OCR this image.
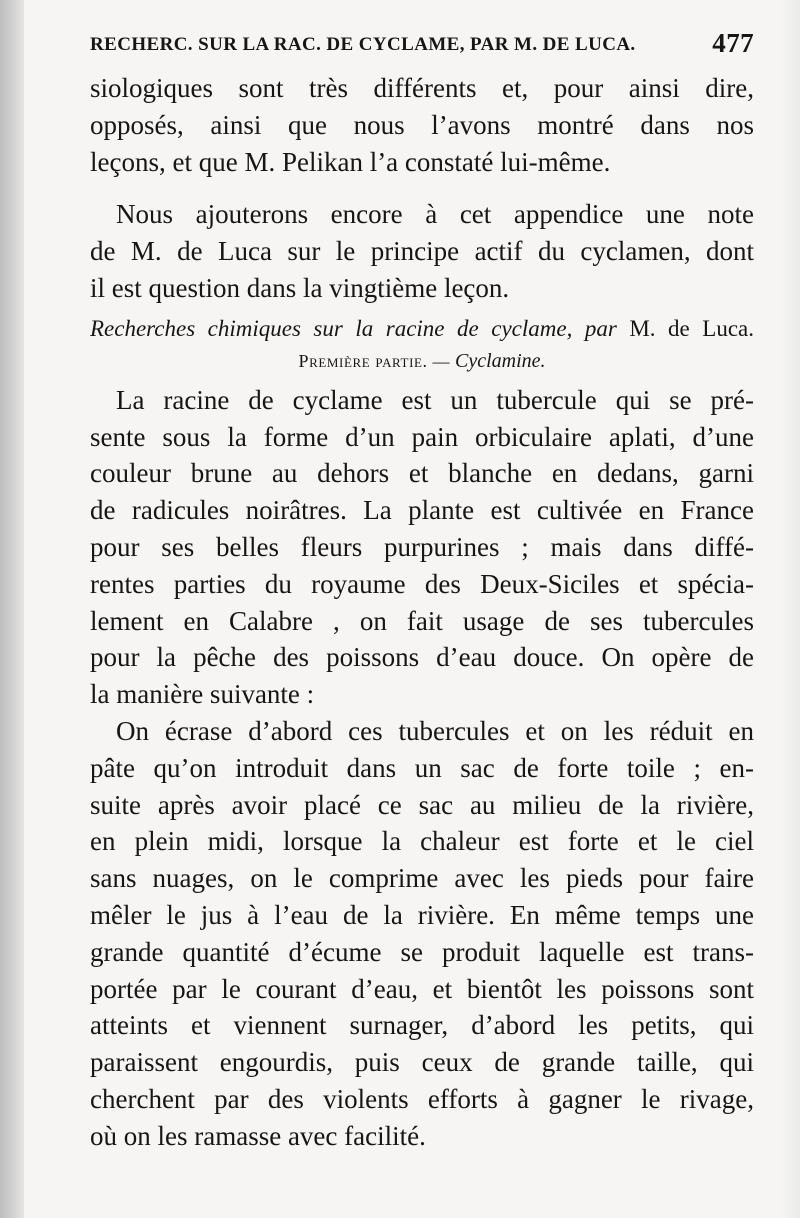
RECHERC. SUR LA RAC. DE CYCLAME, PAR M. DE LUCA.	477
siologiques sont très différents et, pour ainsi dire,
opposés, ainsi que nous l’avons montré dans nos
leçons, et que M. Pelikan l’a constaté lui-même.
Nous ajouterons encore à cet appendice une note
de M. de Luca sur le principe actif du cyclamen, dont
il est question dans la vingtième leçon.
Recherches chimiques sur la racine de cyclame, par M. de Luca.
Première partie. — Cyclamine.
La racine de cyclame est un tubercule qui se pré-
sente sous la forme d’un pain orbiculaire aplati, d’une
couleur brune au dehors et blanche en dedans, garni
de radicules noirâtres. La plante est cultivée en France
pour ses belles fleurs purpurines ; mais dans diffé-
rentes parties du royaume des Deux-Siciles et spécia-
lement en Calabre , on fait usage de ses tubercules
pour la pêche des poissons d’eau douce. On opère de
la manière suivante :
On écrase d’abord ces tubercules et on les réduit en
pâte qu’on introduit dans un sac de forte toile ; en-
suite après avoir placé ce sac au milieu de la rivière,
en plein midi, lorsque la chaleur est forte et le ciel
sans nuages, on le comprime avec les pieds pour faire
mêler le jus à l’eau de la rivière. En même temps une
grande quantité d’écume se produit laquelle est trans-
portée par le courant d’eau, et bientôt les poissons sont
atteints et viennent surnager, d’abord les petits, qui
paraissent engourdis, puis ceux de grande taille, qui
cherchent par des violents efforts à gagner le rivage,
où on les ramasse avec facilité.
